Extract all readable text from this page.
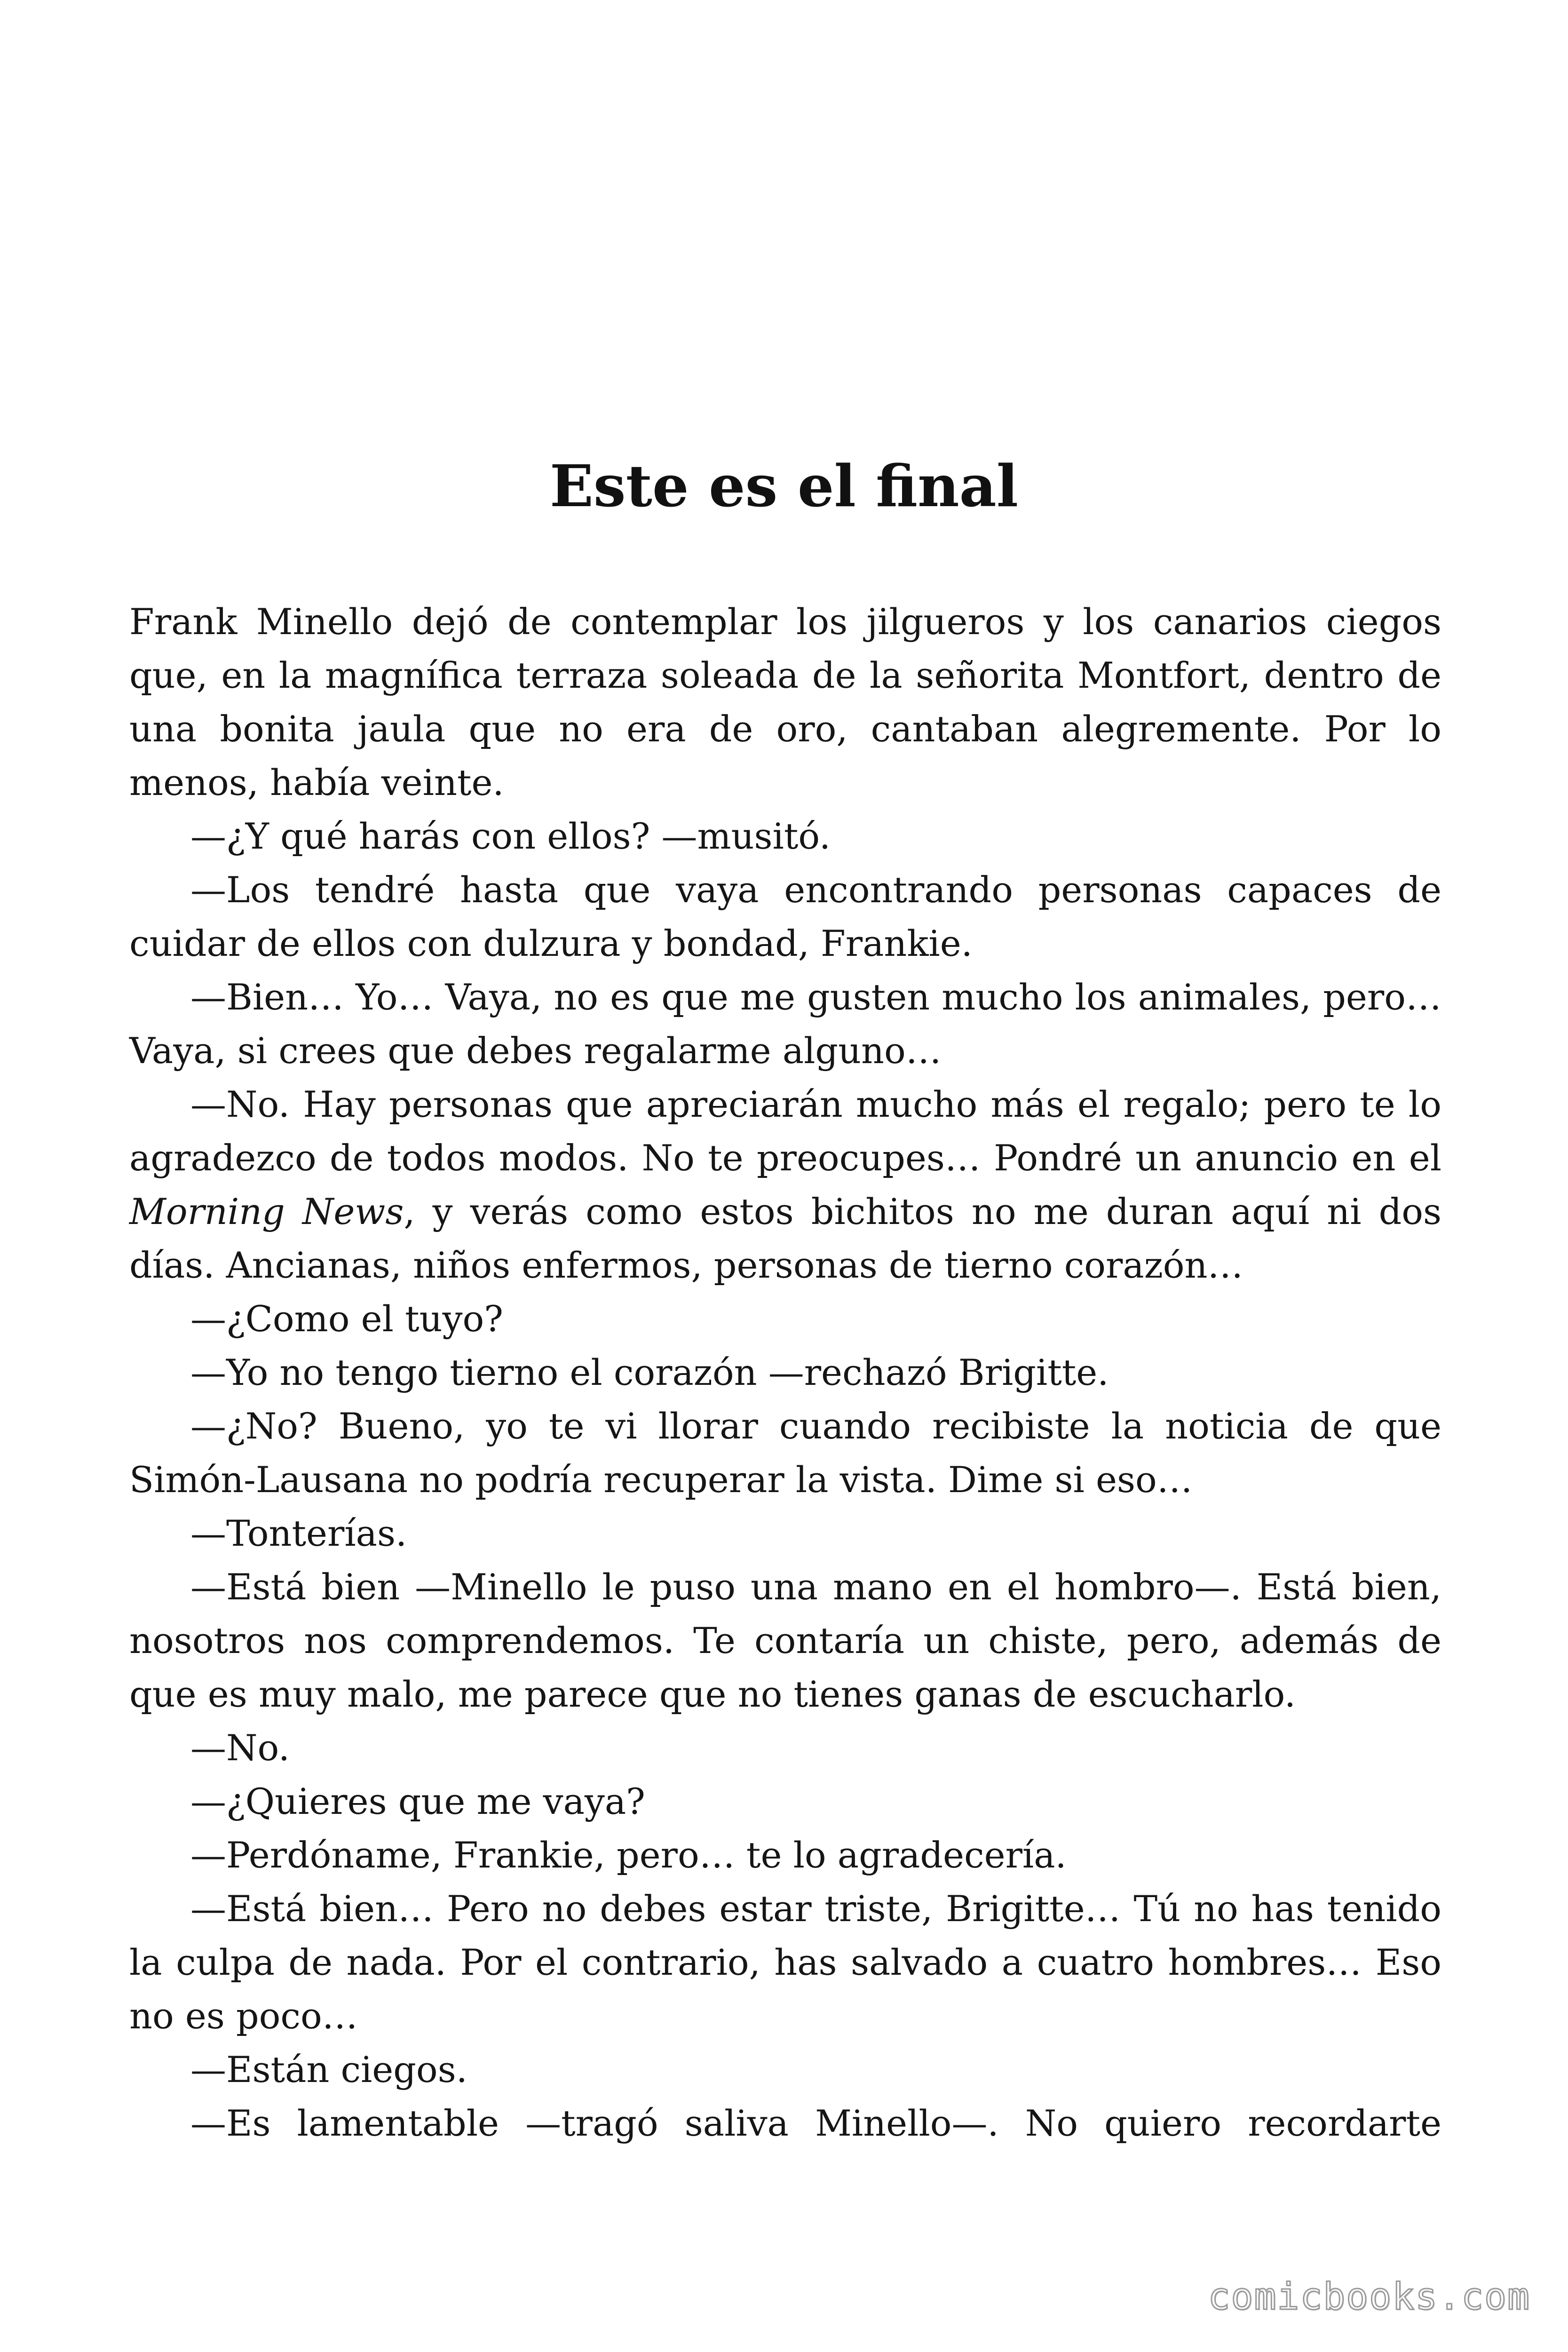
Este es el final

Frank Minello dejó de contemplar los jilgueros y los canarios ciegos que, en la magnífica terraza soleada de la señorita Montfort, dentro de una bonita jaula que no era de oro, cantaban alegremente. Por lo menos, había veinte.

—¿Y qué harás con ellos? —musitó.

—Los tendré hasta que vaya encontrando personas capaces de cuidar de ellos con dulzura y bondad, Frankie.

—Bien… Yo… Vaya, no es que me gusten mucho los animales, pero… Vaya, si crees que debes regalarme alguno…

—No. Hay personas que apreciarán mucho más el regalo; pero te lo agradezco de todos modos. No te preocupes… Pondré un anuncio en el Morning News, y verás como estos bichitos no me duran aquí ni dos días. Ancianas, niños enfermos, personas de tierno corazón…

—¿Como el tuyo?

—Yo no tengo tierno el corazón —rechazó Brigitte.

—¿No? Bueno, yo te vi llorar cuando recibiste la noticia de que Simón-Lausana no podría recuperar la vista. Dime si eso…

—Tonterías.

—Está bien —Minello le puso una mano en el hombro—. Está bien, nosotros nos comprendemos. Te contaría un chiste, pero, además de que es muy malo, me parece que no tienes ganas de escucharlo.

—No.

—¿Quieres que me vaya?

—Perdóname, Frankie, pero… te lo agradecería.

—Está bien… Pero no debes estar triste, Brigitte… Tú no has tenido la culpa de nada. Por el contrario, has salvado a cuatro hombres… Eso no es poco…

—Están ciegos.

—Es lamentable —tragó saliva Minello—. No quiero recordarte

comicbooks.com
